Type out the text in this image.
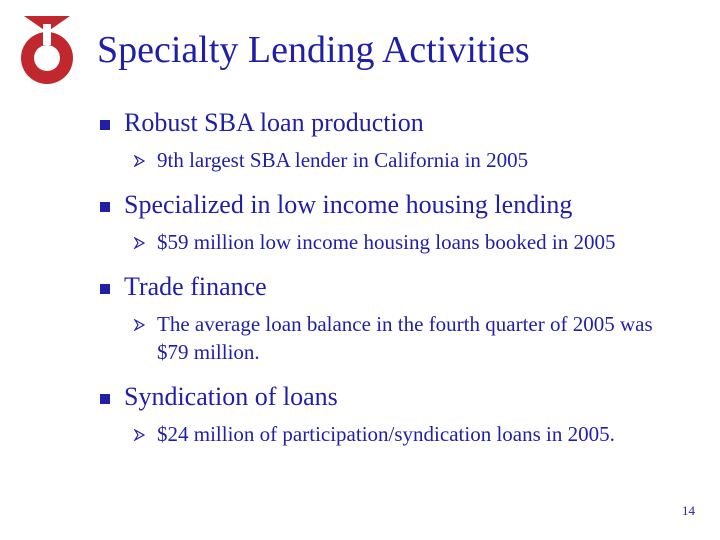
Specialty Lending Activities
Robust SBA loan production
9th largest SBA lender in California in 2005
Specialized in low income housing lending
$59 million low income housing loans booked in 2005
Trade finance
The average loan balance in the fourth quarter of 2005 was $79 million.
Syndication of loans
$24 million of participation/syndication loans in 2005.
14
